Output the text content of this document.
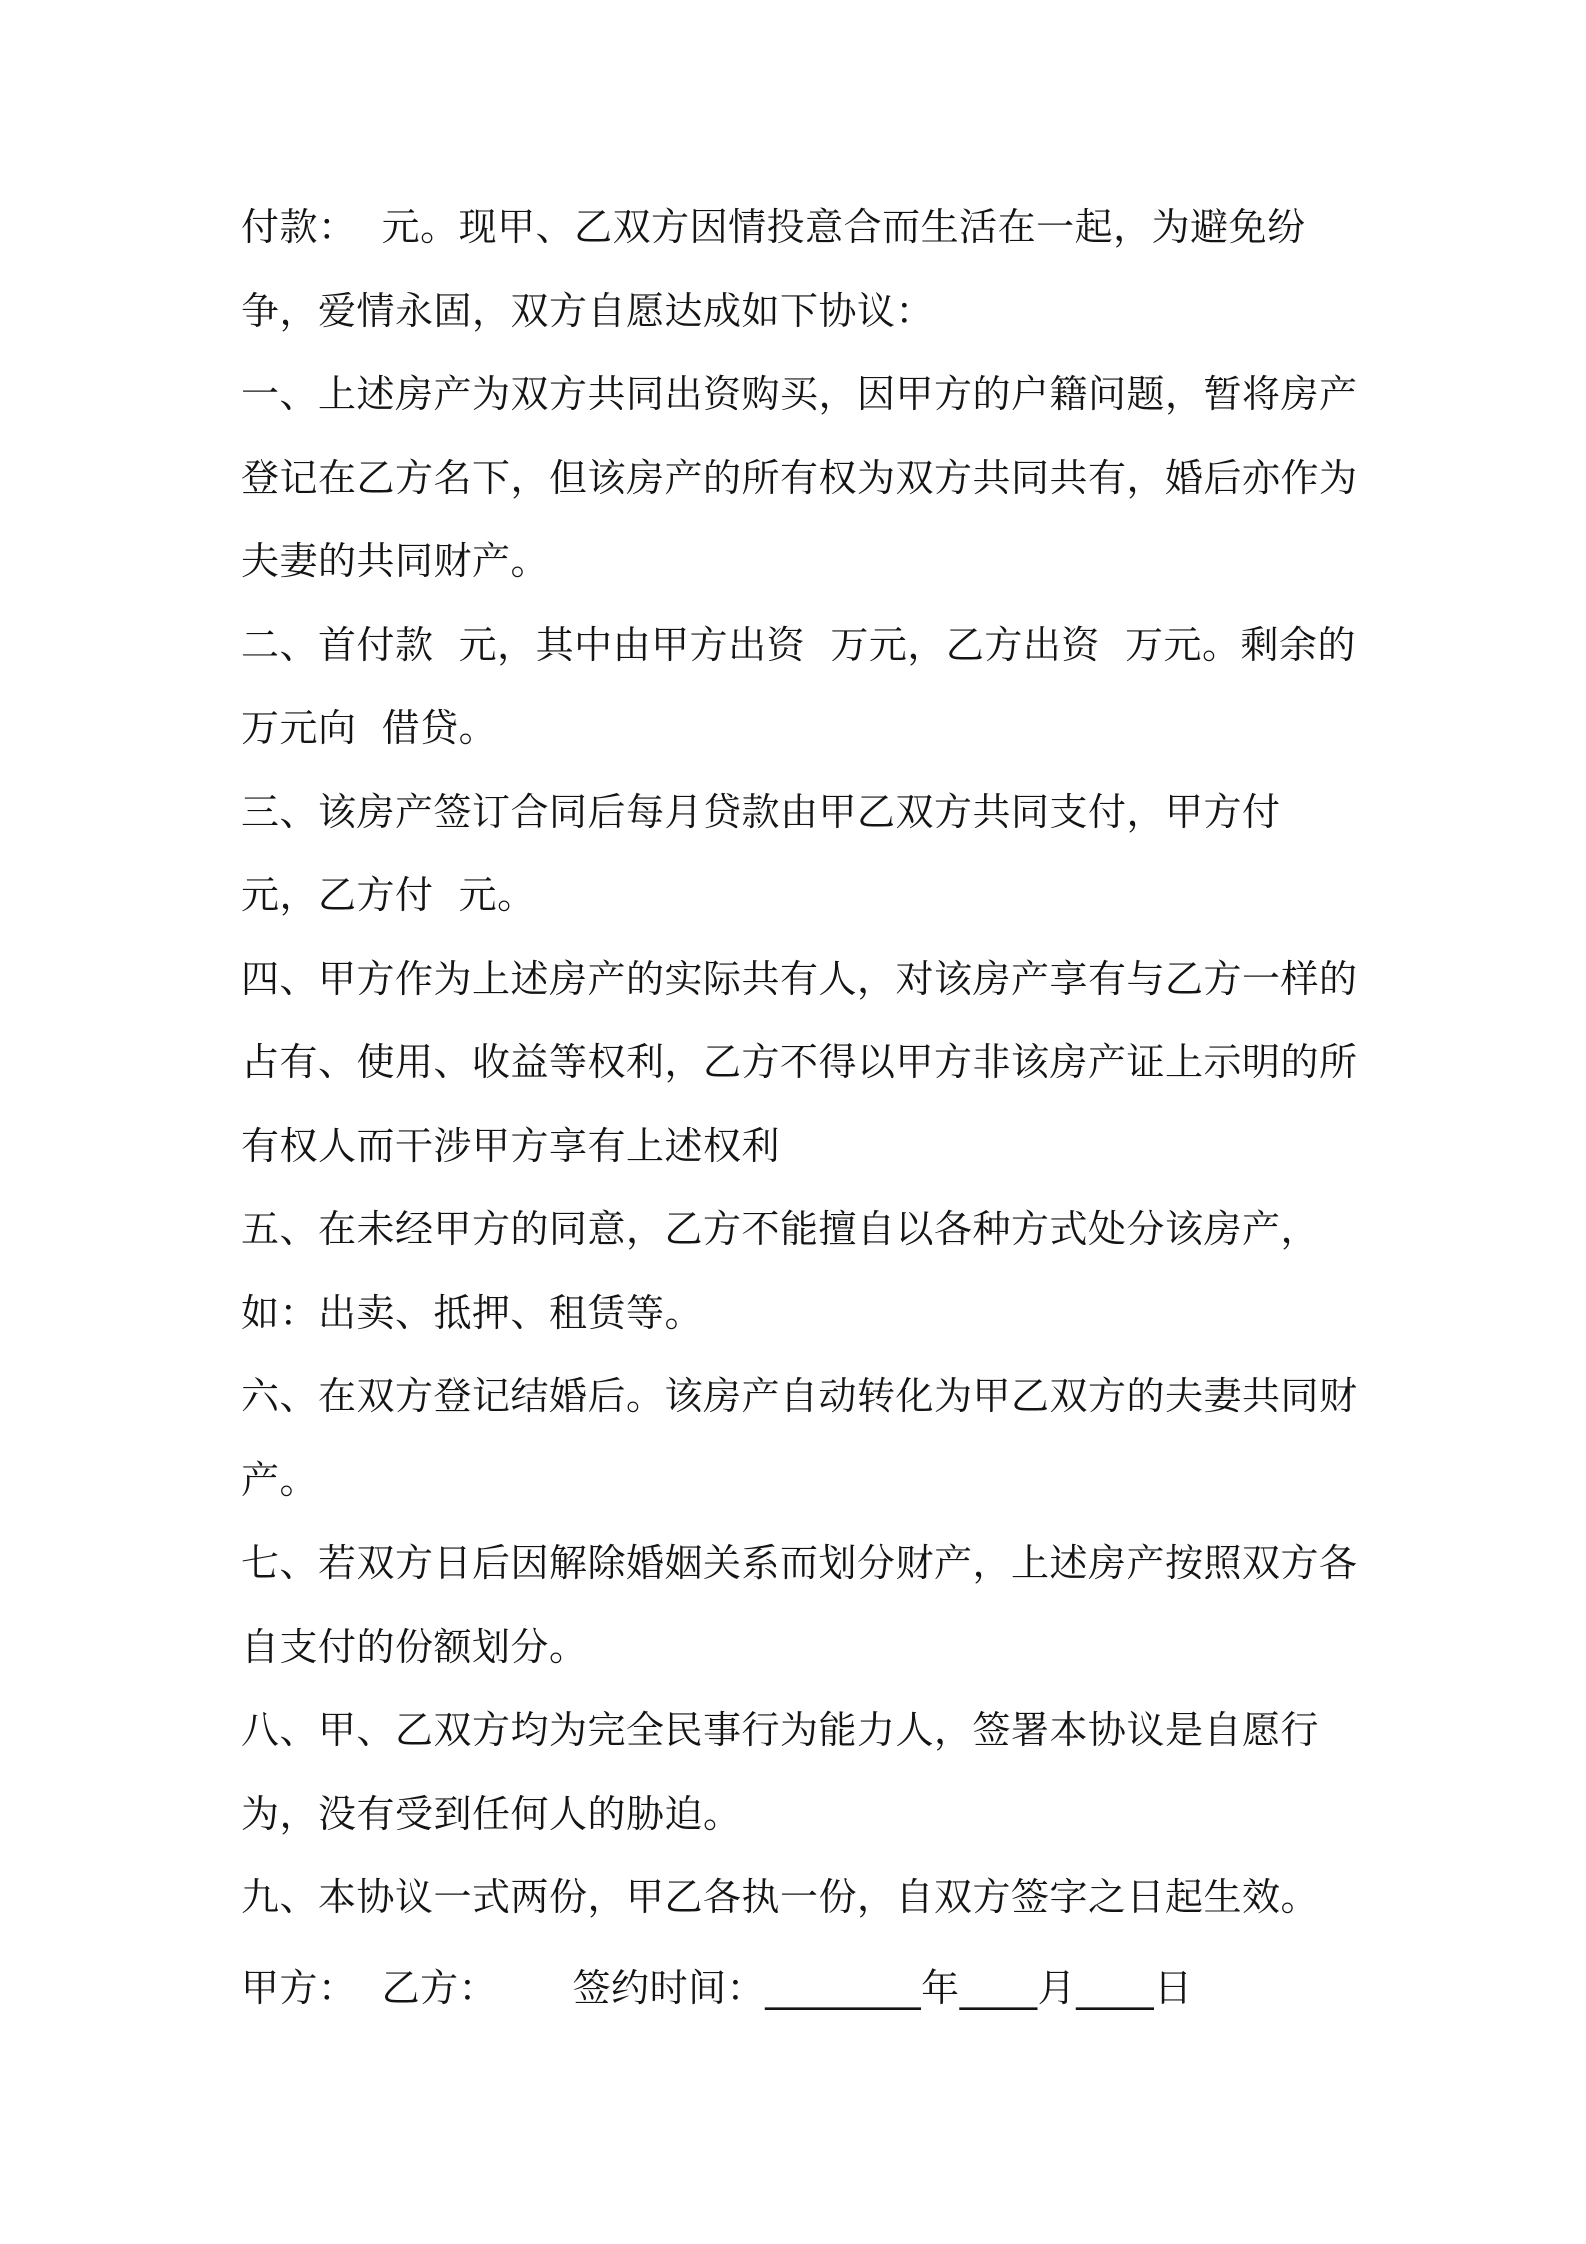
付款：  元。现甲、乙双方因情投意合而生活在一起，为避免纷争，爱情永固，双方自愿达成如下协议：

一、上述房产为双方共同出资购买，因甲方的户籍问题，暂将房产登记在乙方名下，但该房产的所有权为双方共同共有，婚后亦作为夫妻的共同财产。

二、首付款  元，其中由甲方出资  万元，乙方出资  万元。剩余的  万元向  借贷。

三、该房产签订合同后每月贷款由甲乙双方共同支付，甲方付  元，乙方付  元。

四、甲方作为上述房产的实际共有人，对该房产享有与乙方一样的占有、使用、收益等权利，乙方不得以甲方非该房产证上示明的所有权人而干涉甲方享有上述权利

五、在未经甲方的同意，乙方不能擅自以各种方式处分该房产，如：出卖、抵押、租赁等。

六、在双方登记结婚后。该房产自动转化为甲乙双方的夫妻共同财产。

七、若双方日后因解除婚姻关系而划分财产，上述房产按照双方各自支付的份额划分。

八、甲、乙双方均为完全民事行为能力人，签署本协议是自愿行为，没有受到任何人的胁迫。

九、本协议一式两份，甲乙各执一份，自双方签字之日起生效。

甲方：  乙方：      签约时间：________年____月____日
